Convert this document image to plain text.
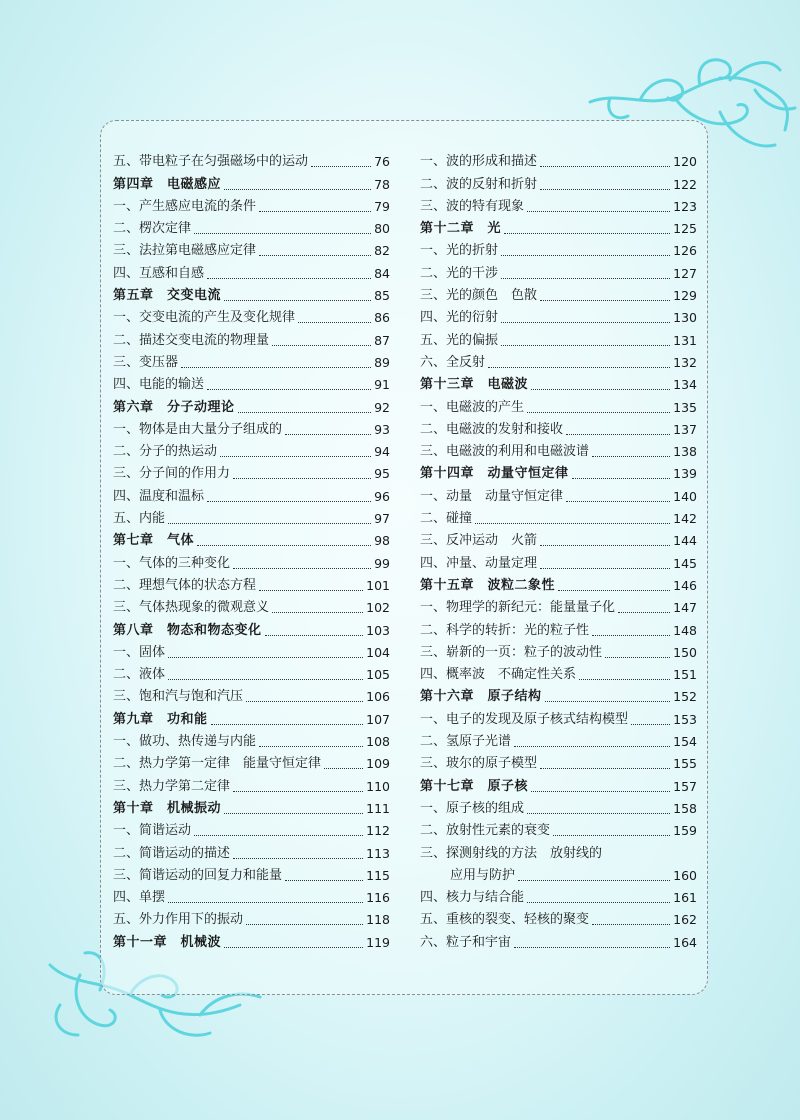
五、带电粒子在匀强磁场中的运动	76
第四章　电磁感应	78
一、产生感应电流的条件	79
二、楞次定律	80
三、法拉第电磁感应定律	82
四、互感和自感	84
第五章　交变电流	85
一、交变电流的产生及变化规律	86
二、描述交变电流的物理量	87
三、变压器	89
四、电能的输送	91
第六章　分子动理论	92
一、物体是由大量分子组成的	93
二、分子的热运动	94
三、分子间的作用力	95
四、温度和温标	96
五、内能	97
第七章　气体	98
一、气体的三种变化	99
二、理想气体的状态方程	101
三、气体热现象的微观意义	102
第八章　物态和物态变化	103
一、固体	104
二、液体	105
三、饱和汽与饱和汽压	106
第九章　功和能	107
一、做功、热传递与内能	108
二、热力学第一定律　能量守恒定律	109
三、热力学第二定律	110
第十章　机械振动	111
一、简谐运动	112
二、简谐运动的描述	113
三、简谐运动的回复力和能量	115
四、单摆	116
五、外力作用下的振动	118
第十一章　机械波	119
一、波的形成和描述	120
二、波的反射和折射	122
三、波的特有现象	123
第十二章　光	125
一、光的折射	126
二、光的干涉	127
三、光的颜色　色散	129
四、光的衍射	130
五、光的偏振	131
六、全反射	132
第十三章　电磁波	134
一、电磁波的产生	135
二、电磁波的发射和接收	137
三、电磁波的利用和电磁波谱	138
第十四章　动量守恒定律	139
一、动量　动量守恒定律	140
二、碰撞	142
三、反冲运动　火箭	144
四、冲量、动量定理	145
第十五章　波粒二象性	146
一、物理学的新纪元：能量量子化	147
二、科学的转折：光的粒子性	148
三、崭新的一页：粒子的波动性	150
四、概率波　不确定性关系	151
第十六章　原子结构	152
一、电子的发现及原子核式结构模型	153
二、氢原子光谱	154
三、玻尔的原子模型	155
第十七章　原子核	157
一、原子核的组成	158
二、放射性元素的衰变	159
三、探测射线的方法　放射线的
应用与防护	160
四、核力与结合能	161
五、重核的裂变、轻核的聚变	162
六、粒子和宇宙	164
